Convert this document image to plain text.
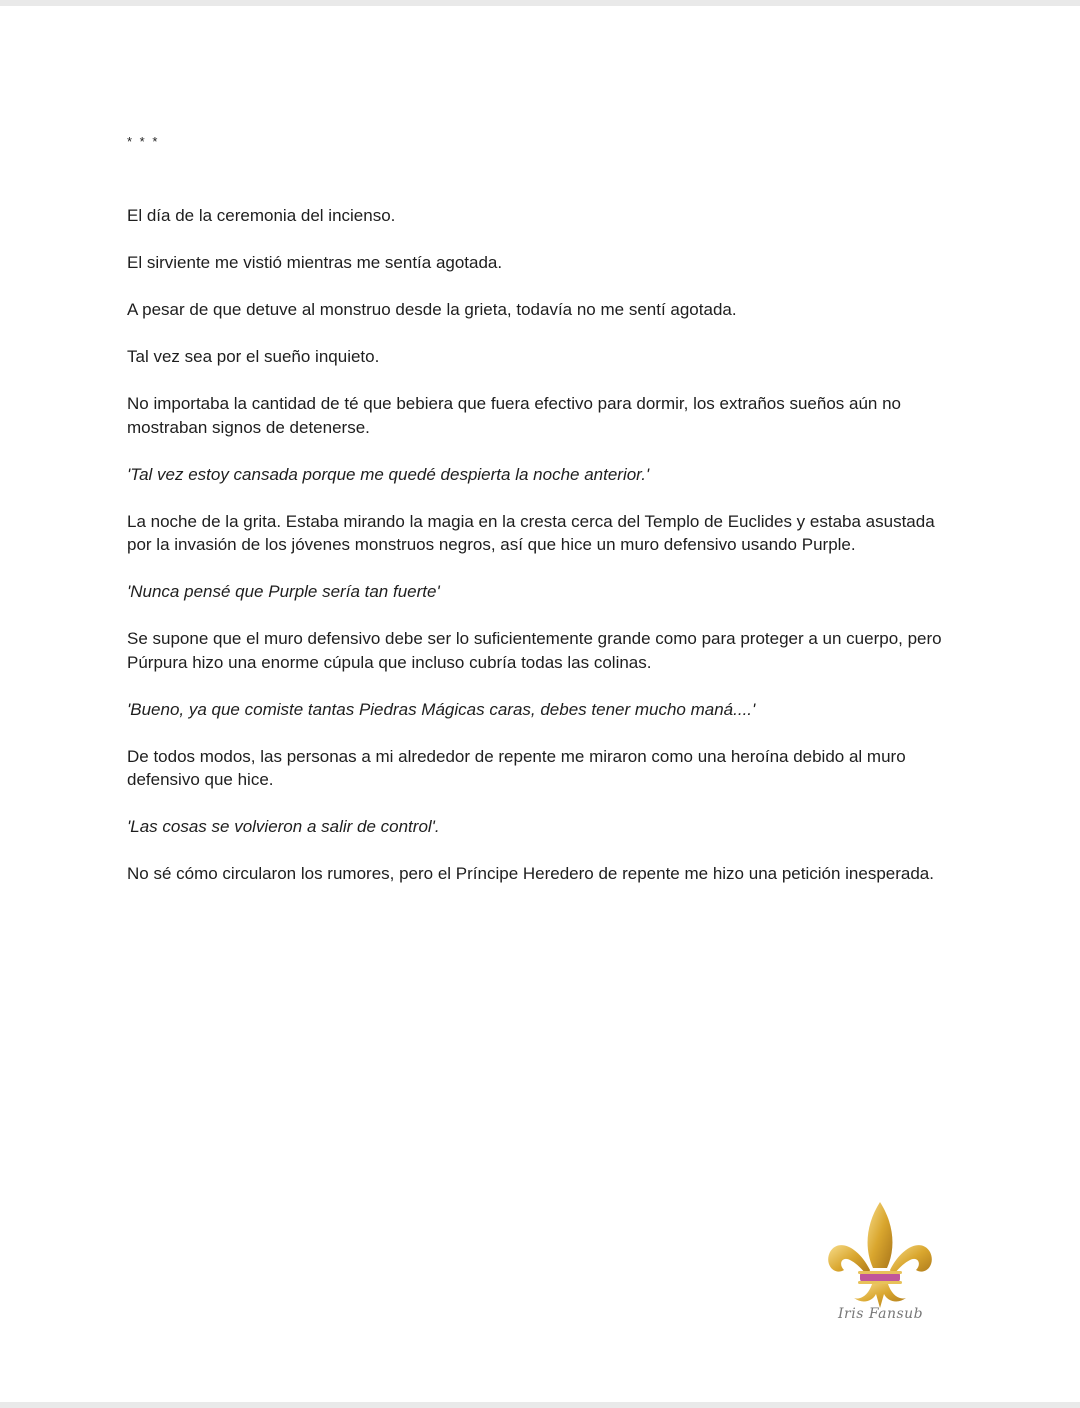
* * *
El día de la ceremonia del incienso.
El sirviente me vistió mientras me sentía agotada.
A pesar de que detuve al monstruo desde la grieta, todavía no me sentí agotada.
Tal vez sea por el sueño inquieto.
No importaba la cantidad de té que bebiera que fuera efectivo para dormir, los extraños sueños aún no mostraban signos de detenerse.
'Tal vez estoy cansada porque me quedé despierta la noche anterior.'
La noche de la grita. Estaba mirando la magia en la cresta cerca del Templo de Euclides y estaba asustada por la invasión de los jóvenes monstruos negros, así que hice un muro defensivo usando Purple.
'Nunca pensé que Purple sería tan fuerte'
Se supone que el muro defensivo debe ser lo suficientemente grande como para proteger a un cuerpo, pero Púrpura hizo una enorme cúpula que incluso cubría todas las colinas.
'Bueno, ya que comiste tantas Piedras Mágicas caras, debes tener mucho maná....'
De todos modos, las personas a mi alrededor de repente me miraron como una heroína debido al muro defensivo que hice.
'Las cosas se volvieron a salir de control'.
No sé cómo circularon los rumores, pero el Príncipe Heredero de repente me hizo una petición inesperada.
Iris Fansub
